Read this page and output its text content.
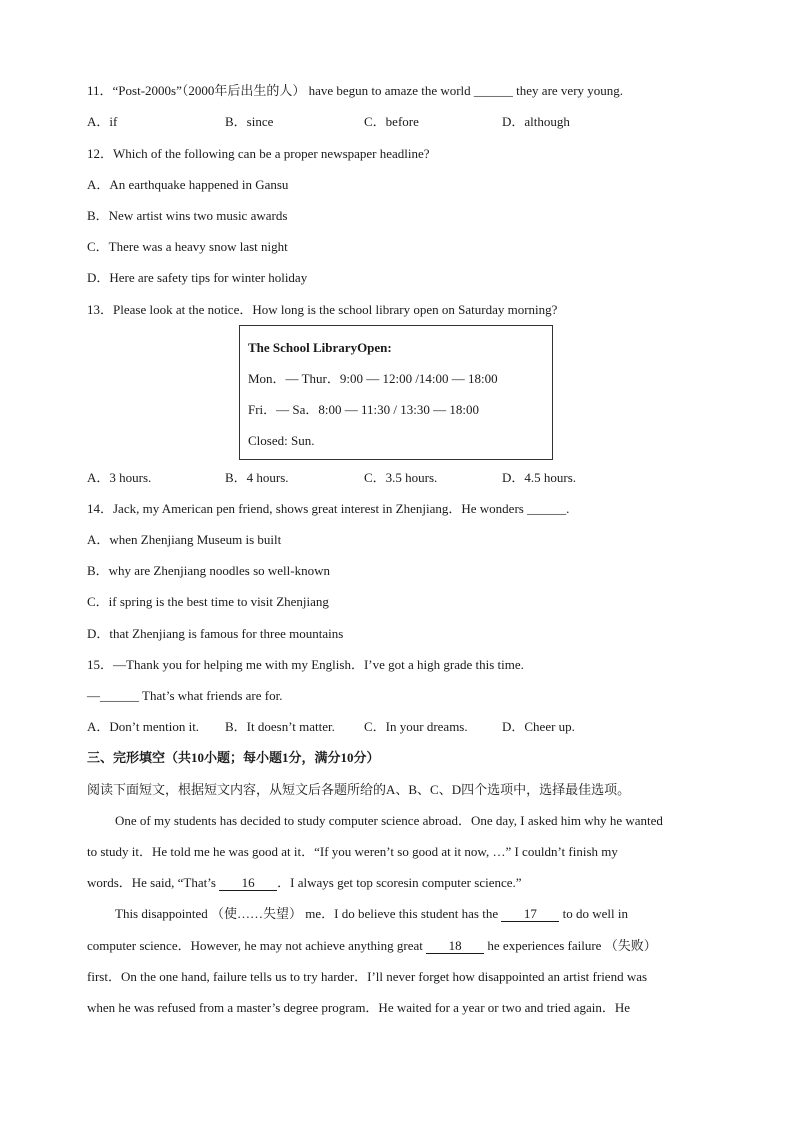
11．“Post-2000s”（2000年后出生的人） have begun to amaze the world ______ they are very young.
A．if	B．since	C．before	D．although
12．Which of the following can be a proper newspaper headline?
A．An earthquake happened in Gansu
B．New artist wins two music awards
C．There was a heavy snow last night
D．Here are safety tips for winter holiday
13．Please look at the notice．How long is the school library open on Saturday morning?
The School LibraryOpen:
Mon．— Thur．9:00 — 12:00 /14:00 — 18:00
Fri．— Sa．8:00 — 11:30 / 13:30 — 18:00
Closed: Sun.
A．3 hours.	B．4 hours.	C．3.5 hours.	D．4.5 hours.
14．Jack, my American pen friend, shows great interest in Zhenjiang．He wonders ______.
A．when Zhenjiang Museum is built
B．why are Zhenjiang noodles so well-known
C．if spring is the best time to visit Zhenjiang
D．that Zhenjiang is famous for three mountains
15．—Thank you for helping me with my English．I’ve got a high grade this time.
—______ That’s what friends are for.
A．Don’t mention it. B．It doesn’t matter. C．In your dreams.	D．Cheer up.
三、完形填空（共10小题；每小题1分，满分10分）
阅读下面短文，根据短文内容，从短文后各题所给的A、B、C、D四个选项中，选择最佳选项。
One of my students has decided to study computer science abroad．One day, I asked him why he wanted
to study it．He told me he was good at it．“If you weren’t so good at it now, …” I couldn’t finish my
words．He said, “That’s 16 ．I always get top scoresin computer science.”
This disappointed （使……失望） me．I do believe this student has the 17 to do well in
computer science．However, he may not achieve anything great 18 he experiences failure （失败）
first．On the one hand, failure tells us to try harder．I’ll never forget how disappointed an artist friend was
when he was refused from a master’s degree program．He waited for a year or two and tried again．He
